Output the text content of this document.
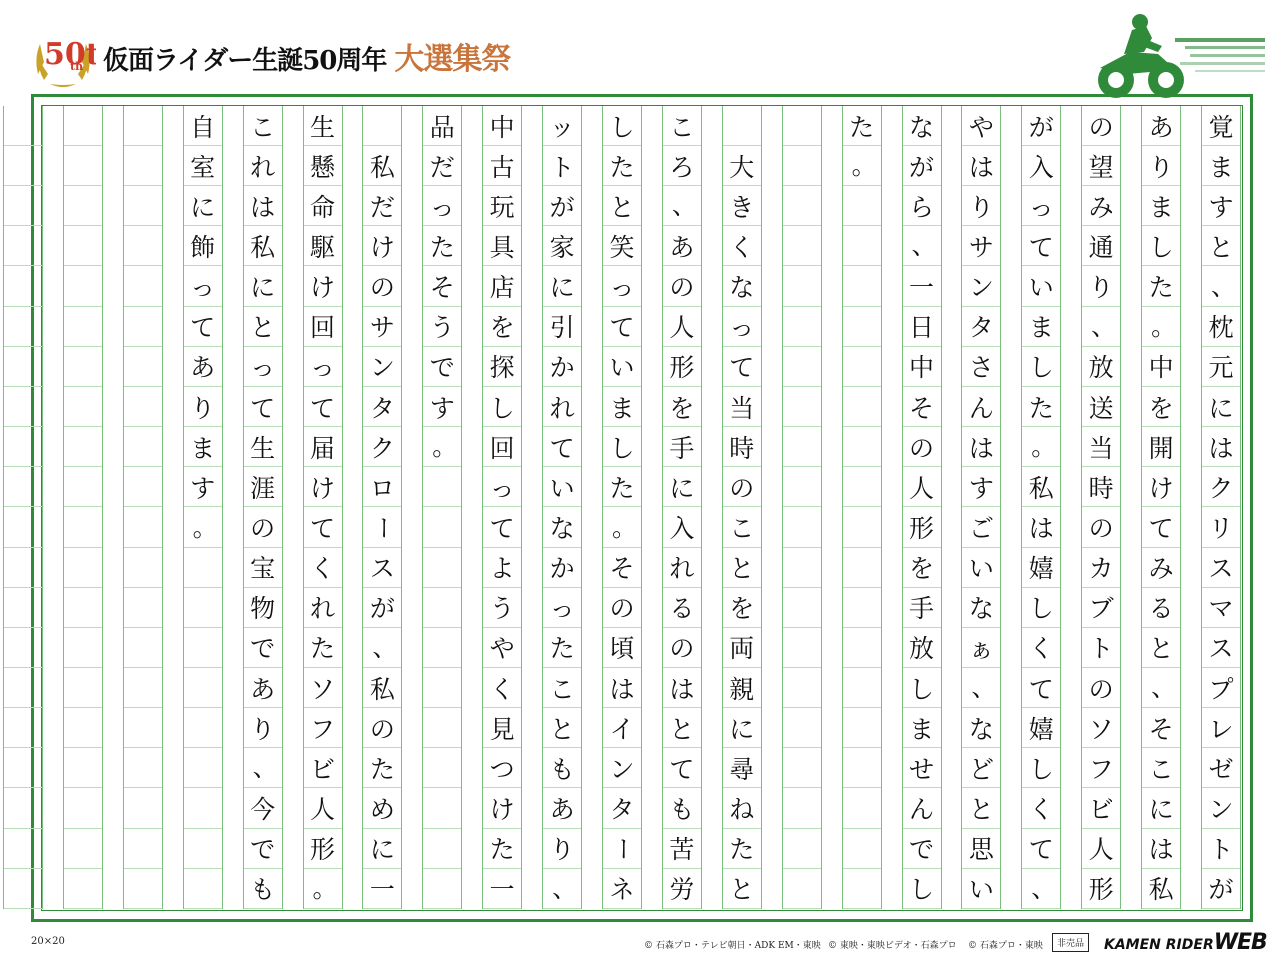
50t
th 仮面ライダー生誕50周年 大選集祭
覚
ま
す
と
、
枕
元
に
は
ク
リ
ス
マ
ス
プ
レ
ゼ
ン
ト
が
あ
り
ま
し
た
。
中
を
開
け
て
み
る
と
、
そ
こ
に
は
私
の
望
み
通
り
、
放
送
当
時
の
カ
ブ
ト
の
ソ
フ
ビ
人
形
が
入
っ
て
い
ま
し
た
。
私
は
嬉
し
く
て
嬉
し
く
て
、
や
は
り
サ
ン
タ
さ
ん
は
す
ご
い
な
ぁ
、
な
ど
と
思
い
な
が
ら
、
一
日
中
そ
の
人
形
を
手
放
し
ま
せ
ん
で
し
た
。
大
き
く
な
っ
て
当
時
の
こ
と
を
両
親
に
尋
ね
た
と
こ
ろ
、
あ
の
人
形
を
手
に
入
れ
る
の
は
と
て
も
苦
労
し
た
と
笑
っ
て
い
ま
し
た
。
そ
の
頃
は
イ
ン
タ
ー
ネ
ッ
ト
が
家
に
引
か
れ
て
い
な
か
っ
た
こ
と
も
あ
り
、
中
古
玩
具
店
を
探
し
回
っ
て
よ
う
や
く
見
つ
け
た
一
品
だ
っ
た
そ
う
で
す
。
私
だ
け
の
サ
ン
タ
ク
ロ
ー
ス
が
、
私
の
た
め
に
一
生
懸
命
駆
け
回
っ
て
届
け
て
く
れ
た
ソ
フ
ビ
人
形
。
こ
れ
は
私
に
と
っ
て
生
涯
の
宝
物
で
あ
り
、
今
で
も
自
室
に
飾
っ
て
あ
り
ま
す
。
20×20	© 石森プロ・テレビ朝日・ADK EM・東映 © 東映・東映ビデオ・石森プロ © 石森プロ・東映	非売品	KAMEN RIDERWEB
